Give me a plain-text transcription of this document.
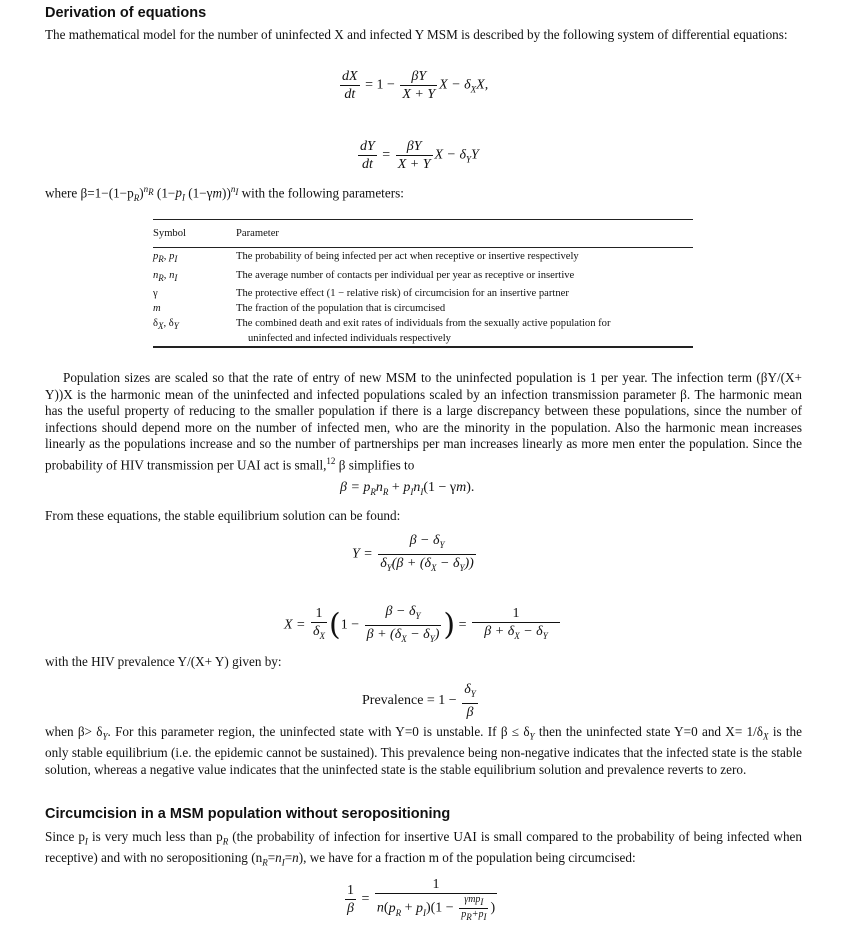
Derivation of equations
The mathematical model for the number of uninfected X and infected Y MSM is described by the following system of differential equations:
$\frac{dX}{dt} = 1 - \frac{\beta Y}{X + Y}$ $X - \delta_XX$,
$\frac{dY}{dt} = \frac{\beta Y}{X + Y}$ $X - \delta_YY$
where $\beta=1-(1-p_R)^{n_R}$ ($1-p_I$ (1−γm))$^{n_I}$ with the following parameters:
Symbol	Parameter

$p_R$, $p_I$	The probability of being infected per act when receptive or insertive respectively
$n_R$, $n_I$	The average number of contacts per individual per year as receptive or insertive
γ	The protective effect (1 − relative risk) of circumcision for an insertive partner
m	The fraction of the population that is circumcised
$\delta_X$, $\delta_Y$	The combined death and exit rates of individuals from the sexually active population for
uninfected and infected individuals respectively
Population sizes are scaled so that the rate of entry of new MSM to the uninfected population is 1 per year. The infection term (βY/(X+ Y))X is the harmonic mean of the uninfected and infected populations scaled by an infection transmission parameter β. The harmonic mean has the useful property of reducing to the smaller population if there is a large discrepancy between these populations, since the number of infections should depend more on the number of infected men, who are the minority in the population. Also the harmonic mean increases linearly as the populations increase and so the number of partnerships per man increases linearly as more men enter the population. Since the probability of HIV transmission per UAI act is small,$^{12}$ β simplifies to
$\beta = p_Rn_R + p_In_I(1 - \gamma m)$.
From these equations, the stable equilibrium solution can be found:
$Y = \frac{\beta - \delta_Y}{\delta_Y(\beta + (\delta_X - \delta_Y))}$
$X = \frac{1}{\delta_X} (1 - \frac{\beta - \delta_Y}{\beta + (\delta_X - \delta_Y)}$ ) = $\frac{1}{\beta + \delta_X - \delta_Y}$
with the HIV prevalence Y/(X+ Y) given by:
Prevalence = $1 - \frac{\delta_Y}{\beta}$
when $\beta> \delta_Y$. For this parameter region, the uninfected state with Y=0 is unstable. If $\beta \le \delta_Y$ then the uninfected state Y=0 and $X= 1/\delta_X$ is the only stable equilibrium (i.e. the epidemic cannot be sustained). This prevalence being non-negative indicates that the infected state is the stable solution, whereas a negative value indicates that the uninfected state is the stable equilibrium solution and prevalence reverts to zero.
Circumcision in a MSM population without seropositioning
Since $p_I$ is very much less than $p_R$ (the probability of infection for insertive UAI is small compared to the probability of being infected when receptive) and with no seropositioning $(n_R=n_I=n)$, we have for a fraction m of the population being circumcised:
$\frac{1}{\beta} = \frac{1}{n(p_R + p_I)(1 - \frac{\gamma mp_I}{p_R+p_I} )}$
